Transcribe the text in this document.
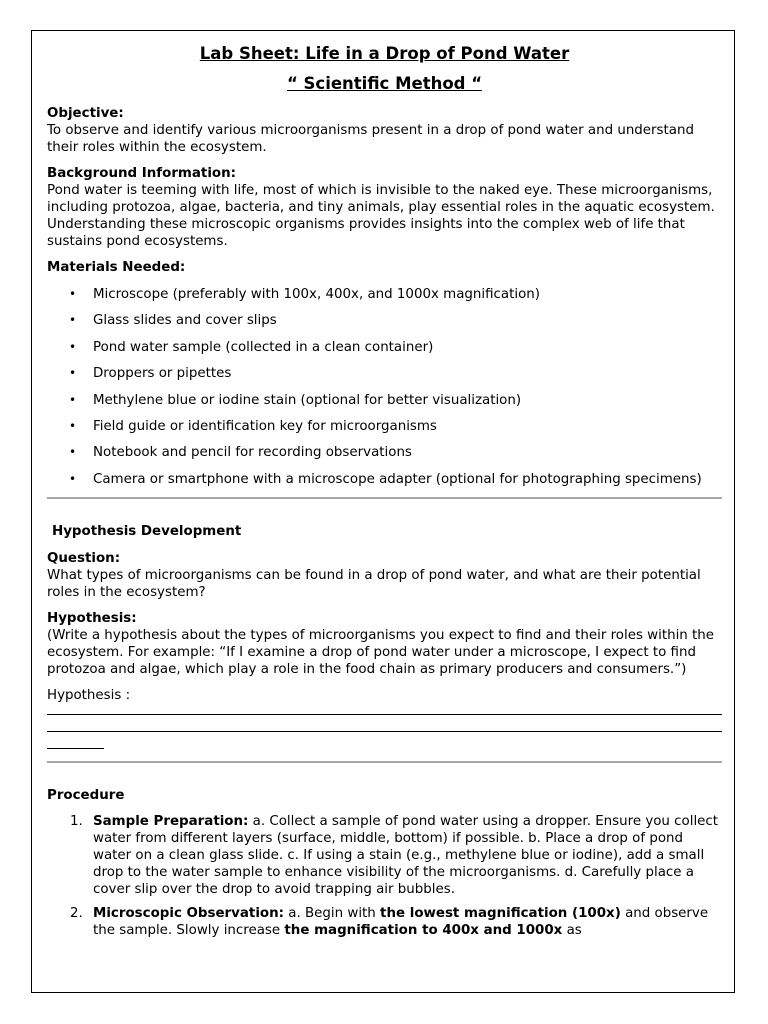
Lab Sheet: Life in a Drop of Pond Water
“ Scientific Method “
Objective:

To observe and identify various microorganisms present in a drop of pond water and understand their roles within the ecosystem.

Background Information:

Pond water is teeming with life, most of which is invisible to the naked eye. These microorganisms, including protozoa, algae, bacteria, and tiny animals, play essential roles in the aquatic ecosystem. Understanding these microscopic organisms provides insights into the complex web of life that sustains pond ecosystems.

Materials Needed:
• Microscope (preferably with 100x, 400x, and 1000x magnification)
• Glass slides and cover slips
• Pond water sample (collected in a clean container)
• Droppers or pipettes
• Methylene blue or iodine stain (optional for better visualization)
• Field guide or identification key for microorganisms
• Notebook and pencil for recording observations
• Camera or smartphone with a microscope adapter (optional for photographing specimens)
Hypothesis Development
Question:

What types of microorganisms can be found in a drop of pond water, and what are their potential roles in the ecosystem?

Hypothesis:

(Write a hypothesis about the types of microorganisms you expect to find and their roles within the ecosystem. For example: “If I examine a drop of pond water under a microscope, I expect to find protozoa and algae, which play a role in the food chain as primary producers and consumers.”)

Hypothesis :

Procedure
1. Sample Preparation: a. Collect a sample of pond water using a dropper. Ensure you collect water from different layers (surface, middle, bottom) if possible. b. Place a drop of pond water on a clean glass slide. c. If using a stain (e.g., methylene blue or iodine), add a small drop to the water sample to enhance visibility of the microorganisms. d. Carefully place a cover slip over the drop to avoid trapping air bubbles.
2. Microscopic Observation: a. Begin with the lowest magnification (100x) and observe the sample. Slowly increase the magnification to 400x and 1000x as
